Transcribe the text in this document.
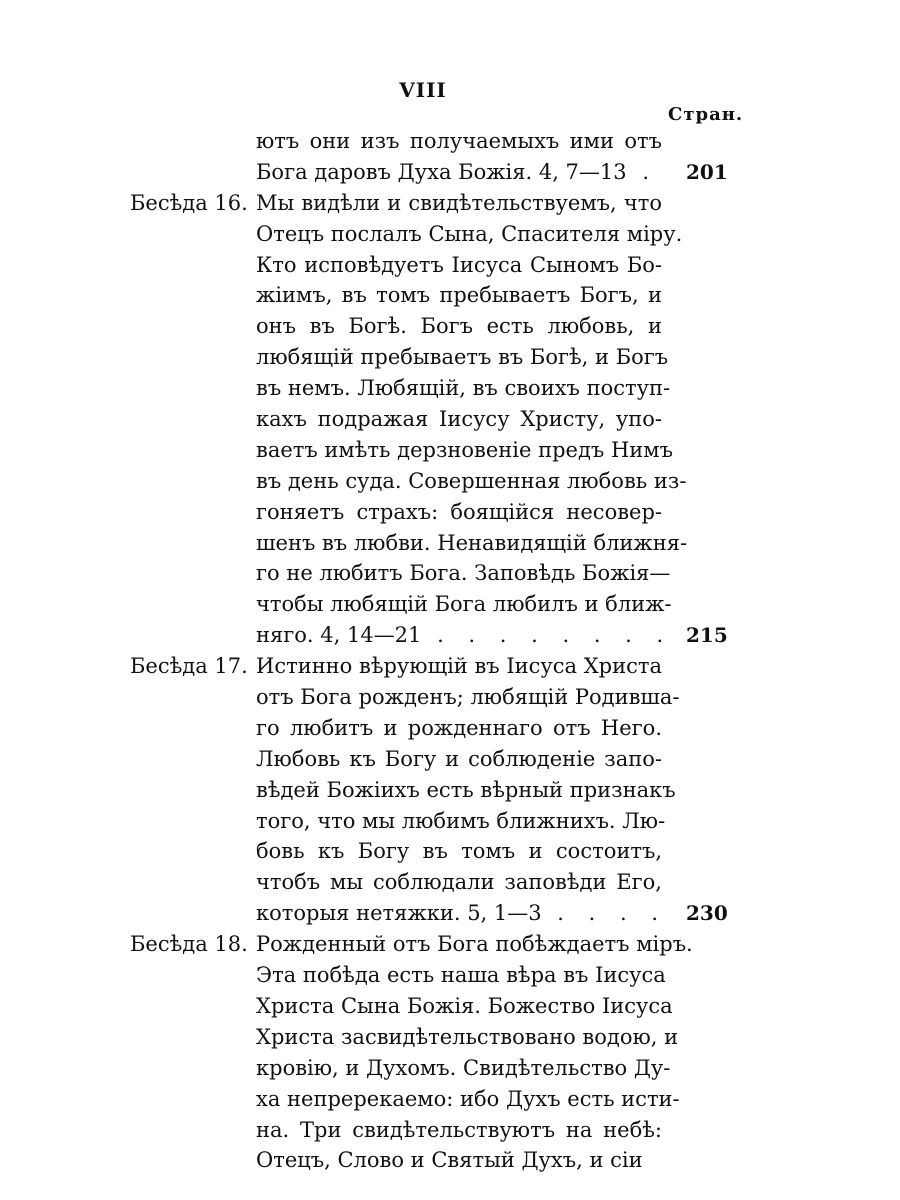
VIII
Стран.
ютъ они изъ получаемыхъ ими отъ
Бога даровъ Духа Божія. 4, 7—13 . 201
Бесѣда 16. Мы видѣли и свидѣтельствуемъ, что
Отецъ послалъ Сына, Спасителя міру.
Кто исповѣдуетъ Іисуса Сыномъ Бо-
жіимъ, въ томъ пребываетъ Богъ, и
онъ въ Богѣ. Богъ есть любовь, и
любящій пребываетъ въ Богѣ, и Богъ
въ немъ. Любящій, въ своихъ поступ-
кахъ подражая Іисусу Христу, упо-
ваетъ имѣть дерзновеніе предъ Нимъ
въ день суда. Совершенная любовь из-
гоняетъ страхъ: боящійся несовер-
шенъ въ любви. Ненавидящій ближня-
го не любитъ Бога. Заповѣдь Божія—
чтобы любящій Бога любилъ и ближ-
няго. 4, 14—21 . . . . . . . . 215
Бесѣда 17. Истинно вѣрующій въ Іисуса Христа
отъ Бога рожденъ; любящій Родивша-
го любитъ и рожденнаго отъ Него.
Любовь къ Богу и соблюденіе запо-
вѣдей Божіихъ есть вѣрный признакъ
того, что мы любимъ ближнихъ. Лю-
бовь къ Богу въ томъ и состоитъ,
чтобъ мы соблюдали заповѣди Его,
которыя нетяжки. 5, 1—3 . . . . 230
Бесѣда 18. Рожденный отъ Бога побѣждаетъ міръ.
Эта побѣда есть наша вѣра въ Іисуса
Христа Сына Божія. Божество Іисуса
Христа засвидѣтельствовано водою, и
кровію, и Духомъ. Свидѣтельство Ду-
ха непререкаемо: ибо Духъ есть исти-
на. Три свидѣтельствуютъ на небѣ:
Отецъ, Слово и Святый Духъ, и сіи
